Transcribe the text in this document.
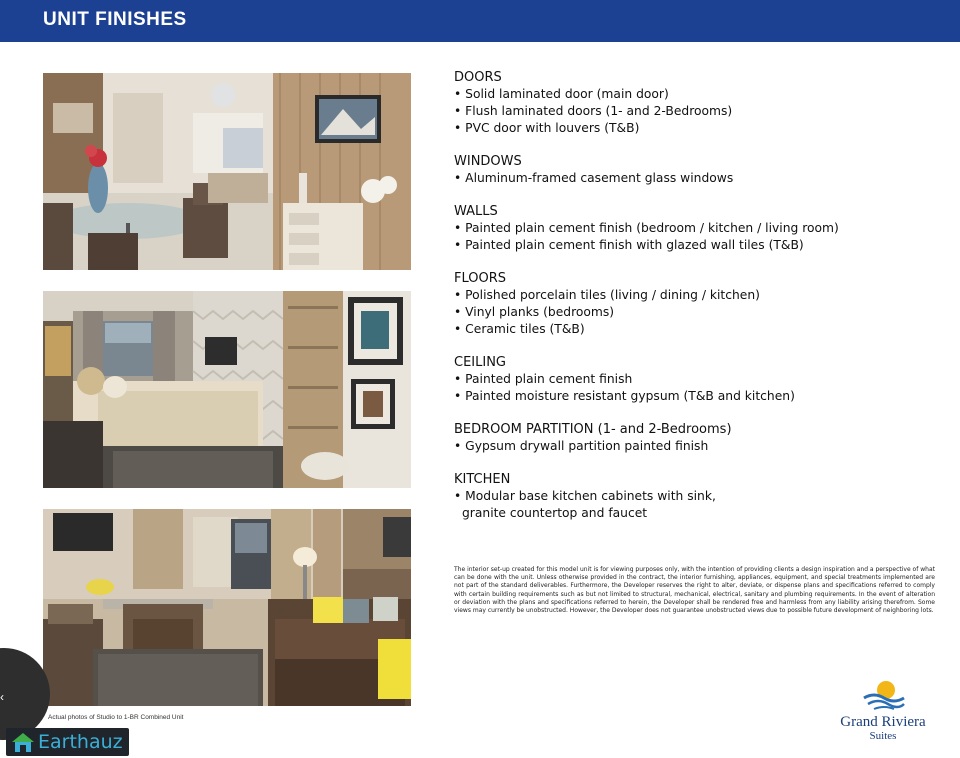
UNIT FINISHES
DOORS
• Solid laminated door (main door)
• Flush laminated doors (1- and 2-Bedrooms)
• PVC door with louvers (T&B)
WINDOWS
• Aluminum-framed casement glass windows
WALLS
• Painted plain cement finish (bedroom / kitchen / living room)
• Painted plain cement finish with glazed wall tiles (T&B)
FLOORS
• Polished porcelain tiles (living / dining / kitchen)
• Vinyl planks (bedrooms)
• Ceramic tiles (T&B)
CEILING
• Painted plain cement finish
• Painted moisture resistant gypsum (T&B and kitchen)
BEDROOM PARTITION (1- and 2-Bedrooms)
• Gypsum drywall partition painted finish
KITCHEN
• Modular base kitchen cabinets with sink,
granite countertop and faucet
The interior set-up created for this model unit is for viewing purposes only, with the intention of providing clients a design inspiration and a perspective of what can be done with the unit. Unless otherwise provided in the contract, the interior furnishing, appliances, equipment, and special treatments implemented are not part of the standard deliverables. Furthermore, the Developer reserves the right to alter, deviate, or dispense plans and specifications referred to comply with certain building requirements such as but not limited to structural, mechanical, electrical, sanitary and plumbing requirements. In the event of alteration or deviation with the plans and specifications referred to herein, the Developer shall be rendered free and harmless from any liability arising therefrom. Some views may currently be unobstructed. However, the Developer does not guarantee unobstructed views due to possible future development of neighboring lots.
‹
Actual photos of Studio to 1-BR Combined Unit	Grand Riviera
Suites
Earthauz
